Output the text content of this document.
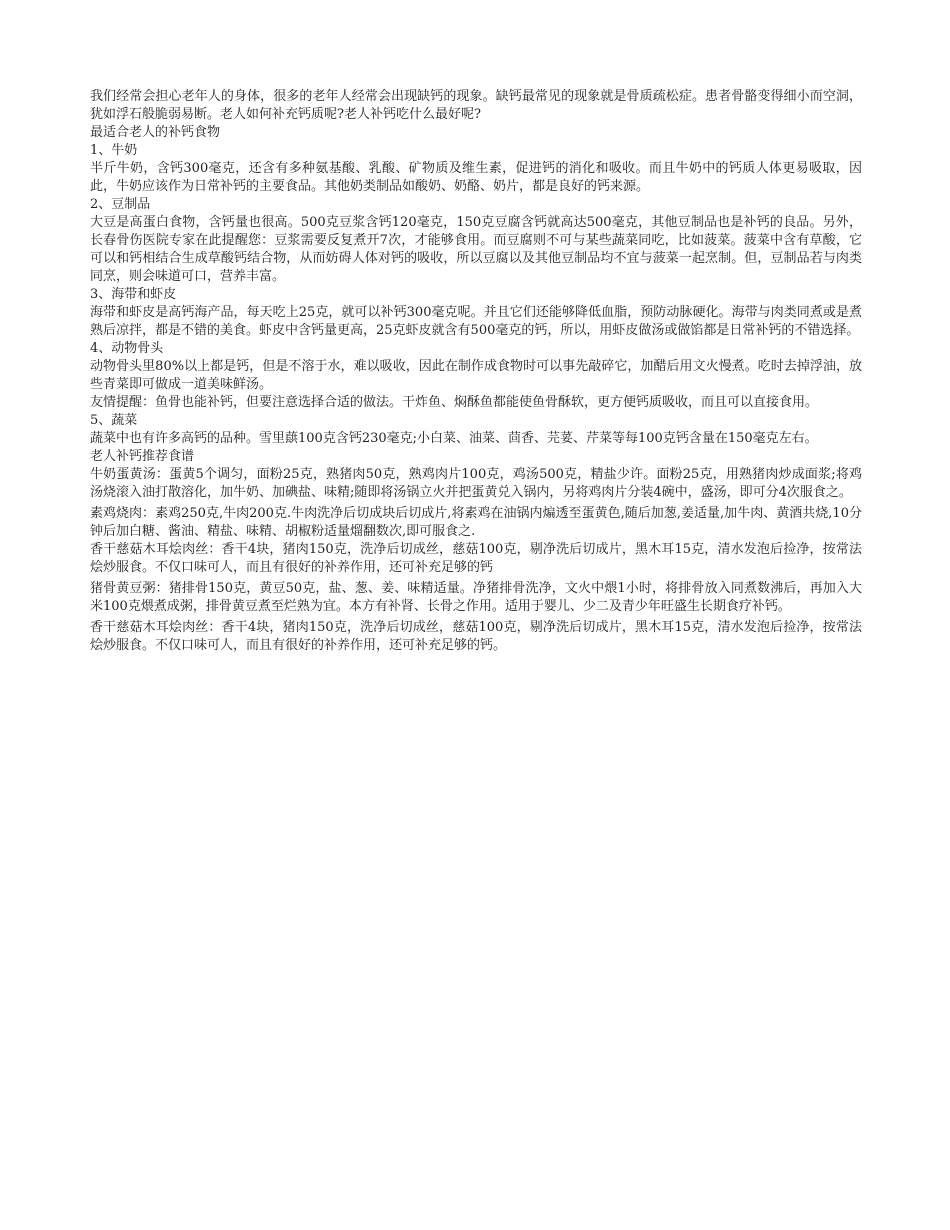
我们经常会担心老年人的身体，很多的老年人经常会出现缺钙的现象。缺钙最常见的现象就是骨质疏松症。患者骨骼变得细小而空洞，犹如浮石般脆弱易断。老人如何补充钙质呢?老人补钙吃什么最好呢?

最适合老人的补钙食物
1、牛奶

半斤牛奶，含钙300毫克，还含有多种氨基酸、乳酸、矿物质及维生素，促进钙的消化和吸收。而且牛奶中的钙质人体更易吸取，因此，牛奶应该作为日常补钙的主要食品。其他奶类制品如酸奶、奶酪、奶片，都是良好的钙来源。

2、豆制品

大豆是高蛋白食物，含钙量也很高。500克豆浆含钙120毫克，150克豆腐含钙就高达500毫克，其他豆制品也是补钙的良品。另外，长春骨伤医院专家在此提醒您：豆浆需要反复煮开7次，才能够食用。而豆腐则不可与某些蔬菜同吃，比如菠菜。菠菜中含有草酸，它可以和钙相结合生成草酸钙结合物，从而妨碍人体对钙的吸收，所以豆腐以及其他豆制品均不宜与菠菜一起烹制。但，豆制品若与肉类同烹，则会味道可口，营养丰富。

3、海带和虾皮

海带和虾皮是高钙海产品，每天吃上25克，就可以补钙300毫克呢。并且它们还能够降低血脂，预防动脉硬化。海带与肉类同煮或是煮熟后凉拌，都是不错的美食。虾皮中含钙量更高，25克虾皮就含有500毫克的钙，所以，用虾皮做汤或做馅都是日常补钙的不错选择。

4、动物骨头

动物骨头里80%以上都是钙，但是不溶于水，难以吸收，因此在制作成食物时可以事先敲碎它，加醋后用文火慢煮。吃时去掉浮油，放些青菜即可做成一道美味鲜汤。

友情提醒：鱼骨也能补钙，但要注意选择合适的做法。干炸鱼、焖酥鱼都能使鱼骨酥软，更方便钙质吸收，而且可以直接食用。

5、蔬菜

蔬菜中也有许多高钙的品种。雪里蕻100克含钙230毫克;小白菜、油菜、茴香、芫荽、芹菜等每100克钙含量在150毫克左右。

老人补钙推荐食谱

牛奶蛋黄汤：蛋黄5个调匀，面粉25克，熟猪肉50克，熟鸡肉片100克，鸡汤500克，精盐少许。面粉25克，用熟猪肉炒成面浆;将鸡汤烧滚入油打散溶化，加牛奶、加碘盐、味精;随即将汤锅立火并把蛋黄兑入锅内，另将鸡肉片分装4碗中，盛汤，即可分4次服食之。

素鸡烧肉：素鸡250克,牛肉200克.牛肉洗净后切成块后切成片,将素鸡在油锅内煸透至蛋黄色,随后加葱,姜适量,加牛肉、黄酒共烧,10分钟后加白糖、酱油、精盐、味精、胡椒粉适量熘翻数次,即可服食之.

香干慈菇木耳烩肉丝：香干4块，猪肉150克，洗净后切成丝，慈菇100克，剔净洗后切成片，黑木耳15克，清水发泡后捡净，按常法烩炒服食。不仅口味可人，而且有很好的补养作用，还可补充足够的钙

猪骨黄豆粥：猪排骨150克，黄豆50克，盐、葱、姜、味精适量。净猪排骨洗净，文火中煨1小时，将排骨放入同煮数沸后，再加入大米100克煨煮成粥，排骨黄豆煮至烂熟为宜。本方有补肾、长骨之作用。适用于婴儿、少二及青少年旺盛生长期食疗补钙。

香干慈菇木耳烩肉丝：香干4块，猪肉150克，洗净后切成丝，慈菇100克，剔净洗后切成片，黑木耳15克，清水发泡后捡净，按常法烩炒服食。不仅口味可人，而且有很好的补养作用，还可补充足够的钙。
